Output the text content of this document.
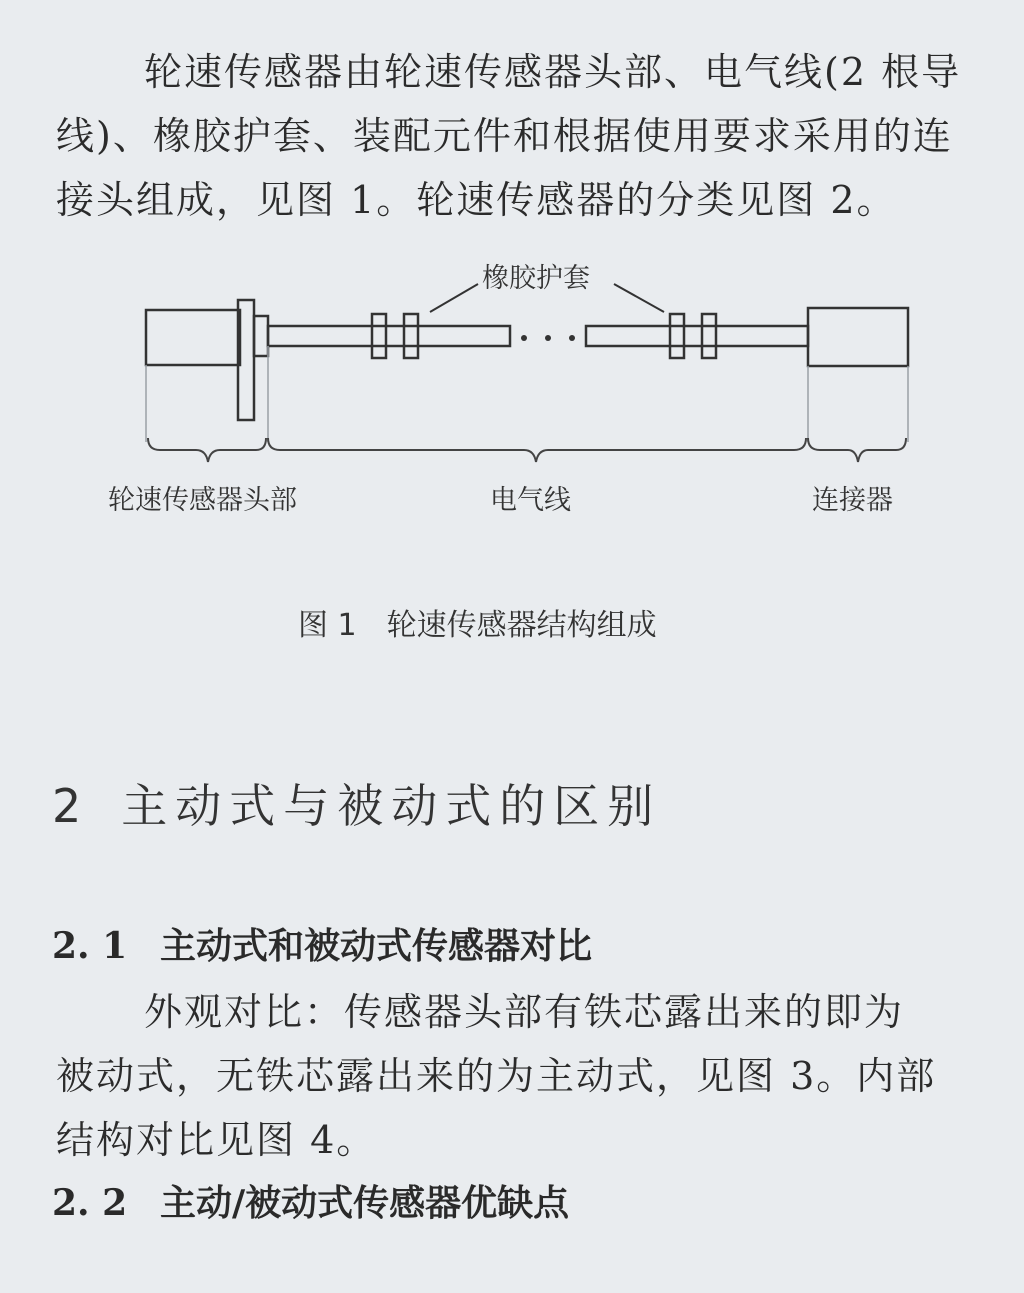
轮速传感器由轮速传感器头部、电气线(2 根导
线)、橡胶护套、装配元件和根据使用要求采用的连
接头组成，见图 1。轮速传感器的分类见图 2。
橡胶护套
轮速传感器头部	电气线	连接器
图 1 轮速传感器结构组成
2 主动式与被动式的区别
2. 1 主动式和被动式传感器对比
外观对比：传感器头部有铁芯露出来的即为
被动式，无铁芯露出来的为主动式，见图 3。内部
结构对比见图 4。
2. 2 主动/被动式传感器优缺点
